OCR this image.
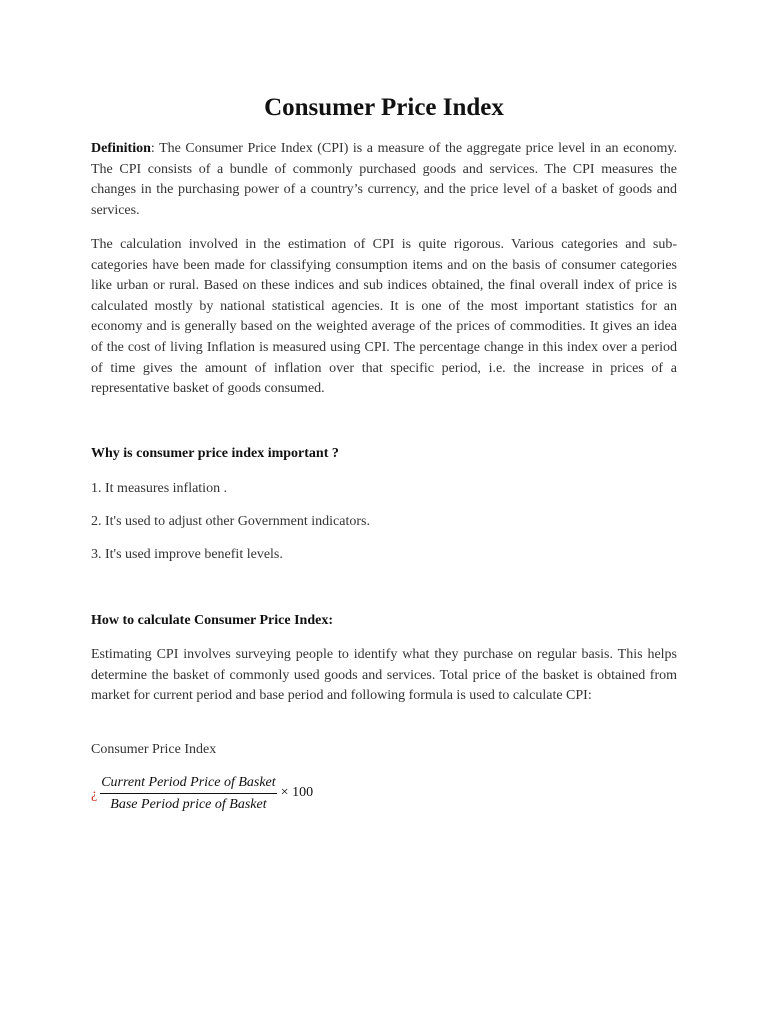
Consumer Price Index

Definition: The Consumer Price Index (CPI) is a measure of the aggregate price level in an economy. The CPI consists of a bundle of commonly purchased goods and services. The CPI measures the changes in the purchasing power of a country’s currency, and the price level of a basket of goods and services.

The calculation involved in the estimation of CPI is quite rigorous. Various categories and sub-categories have been made for classifying consumption items and on the basis of consumer categories like urban or rural. Based on these indices and sub indices obtained, the final overall index of price is calculated mostly by national statistical agencies. It is one of the most important statistics for an economy and is generally based on the weighted average of the prices of commodities. It gives an idea of the cost of living Inflation is measured using CPI. The percentage change in this index over a period of time gives the amount of inflation over that specific period, i.e. the increase in prices of a representative basket of goods consumed.

Why is consumer price index important ?

1. It measures inflation .

2. It's used to adjust other Government indicators.

3. It's used improve benefit levels.

How to calculate Consumer Price Index:

Estimating CPI involves surveying people to identify what they purchase on regular basis. This helps determine the basket of commonly used goods and services. Total price of the basket is obtained from market for current period and base period and following formula is used to calculate CPI:

Consumer Price Index

¿ $\frac{\text{Current Period Price of Basket}}{\text{Base Period price of Basket}} \times 100$
